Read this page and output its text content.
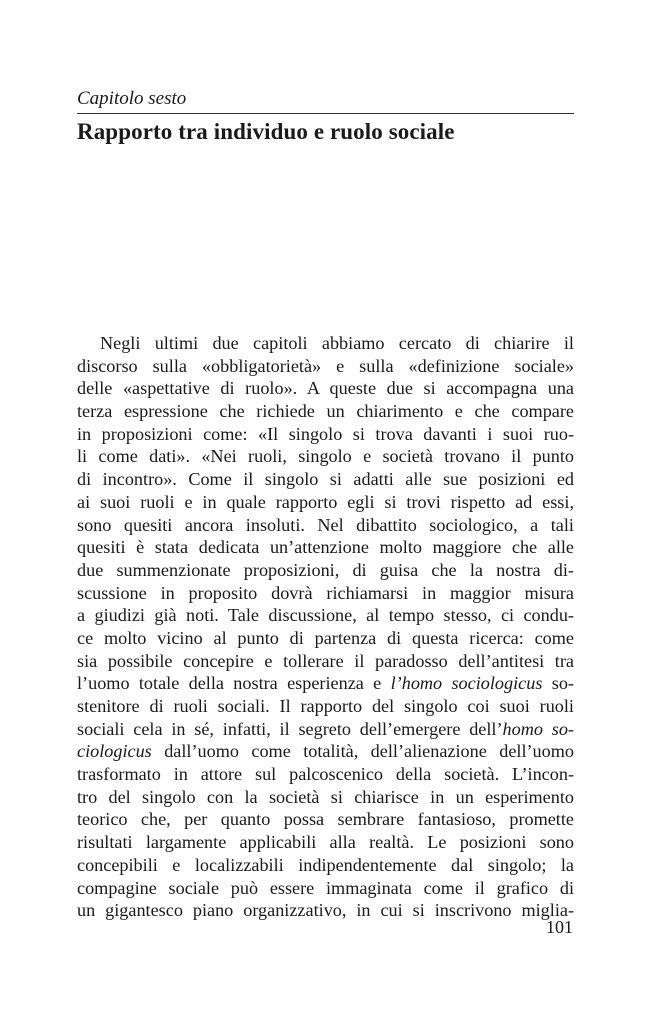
Capitolo sesto

Rapporto tra individuo e ruolo sociale
Negli ultimi due capitoli abbiamo cercato di chiarire il
discorso sulla «obbligatorietà» e sulla «definizione sociale»
delle «aspettative di ruolo». A queste due si accompagna una
terza espressione che richiede un chiarimento e che compare
in proposizioni come: «Il singolo si trova davanti i suoi ruo-
li come dati». «Nei ruoli, singolo e società trovano il punto
di incontro». Come il singolo si adatti alle sue posizioni ed
ai suoi ruoli e in quale rapporto egli si trovi rispetto ad essi,
sono quesiti ancora insoluti. Nel dibattito sociologico, a tali
quesiti è stata dedicata un’attenzione molto maggiore che alle
due summenzionate proposizioni, di guisa che la nostra di-
scussione in proposito dovrà richiamarsi in maggior misura
a giudizi già noti. Tale discussione, al tempo stesso, ci condu-
ce molto vicino al punto di partenza di questa ricerca: come
sia possibile concepire e tollerare il paradosso dell’antitesi tra
l’uomo totale della nostra esperienza e l’homo sociologicus so-
stenitore di ruoli sociali. Il rapporto del singolo coi suoi ruoli
sociali cela in sé, infatti, il segreto dell’emergere dell’homo so-
ciologicus dall’uomo come totalità, dell’alienazione dell’uomo
trasformato in attore sul palcoscenico della società. L’incon-
tro del singolo con la società si chiarisce in un esperimento
teorico che, per quanto possa sembrare fantasioso, promette
risultati largamente applicabili alla realtà. Le posizioni sono
concepibili e localizzabili indipendentemente dal singolo; la
compagine sociale può essere immaginata come il grafico di
un gigantesco piano organizzativo, in cui si inscrivono miglia-
101
